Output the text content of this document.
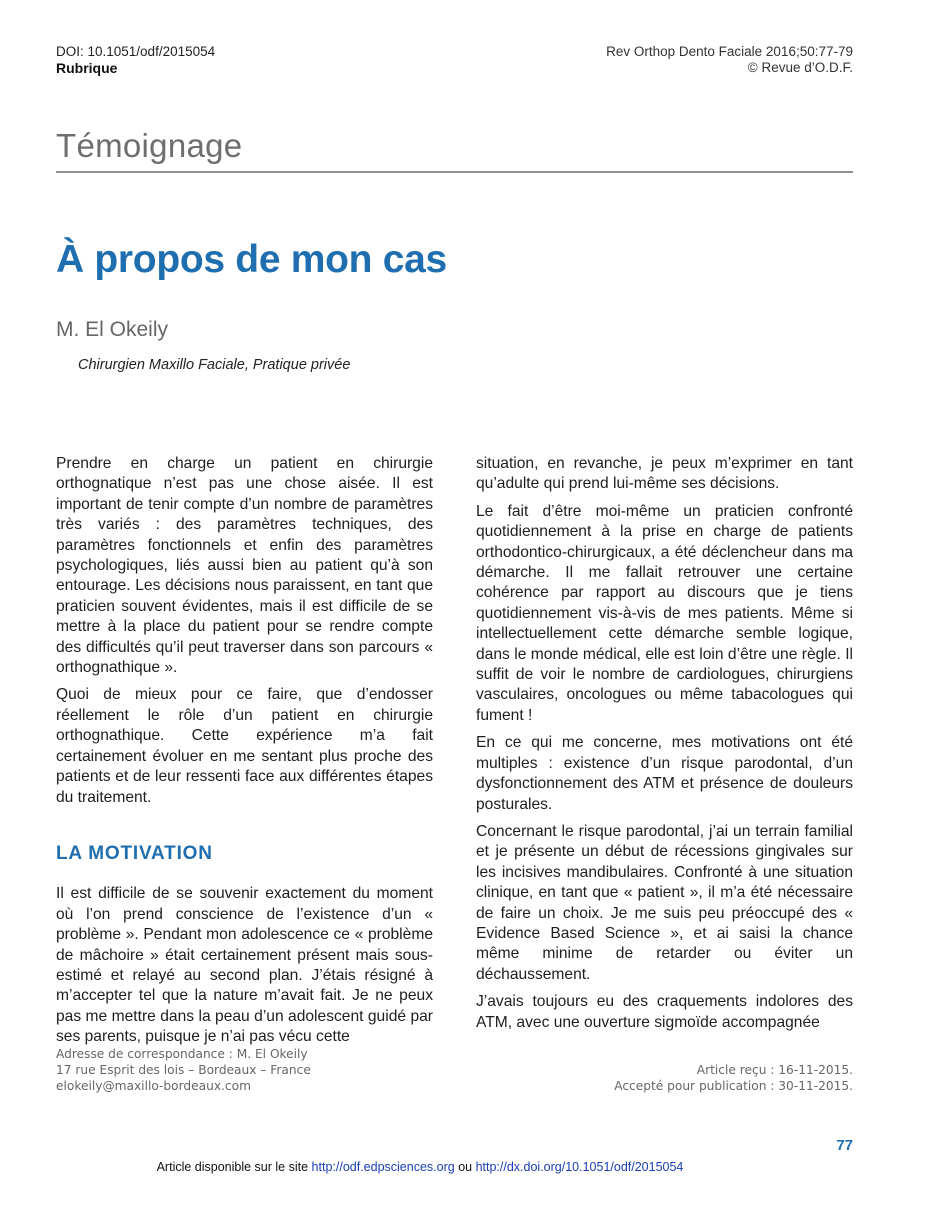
DOI: 10.1051/odf/2015054
Rubrique
Rev Orthop Dento Faciale 2016;50:77-79
© Revue d’O.D.F.
Témoignage
À propos de mon cas
M. El Okeily
Chirurgien Maxillo Faciale, Pratique privée

Prendre en charge un patient en chirurgie orthognatique n’est pas une chose aisée. Il est important de tenir compte d’un nombre de paramètres très variés : des paramètres techniques, des paramètres fonctionnels et enfin des paramètres psychologiques, liés aussi bien au patient qu’à son entourage. Les décisions nous paraissent, en tant que praticien souvent évidentes, mais il est difficile de se mettre à la place du patient pour se rendre compte des difficultés qu’il peut traverser dans son parcours « orthognathique ».

Quoi de mieux pour ce faire, que d’endosser réellement le rôle d’un patient en chirurgie orthognathique. Cette expérience m’a fait certainement évoluer en me sentant plus proche des patients et de leur ressenti face aux différentes étapes du traitement.

LA MOTIVATION

Il est difficile de se souvenir exactement du moment où l’on prend conscience de l’existence d’un « problème ». Pendant mon adolescence ce « problème de mâchoire » était certainement présent mais sous-estimé et relayé au second plan. J’étais résigné à m’accepter tel que la nature m’avait fait. Je ne peux pas me mettre dans la peau d’un adolescent guidé par ses parents, puisque je n’ai pas vécu cette

situation, en revanche, je peux m’exprimer en tant qu’adulte qui prend lui-même ses décisions.

Le fait d’être moi-même un praticien confronté quotidiennement à la prise en charge de patients orthodontico-chirurgicaux, a été déclencheur dans ma démarche. Il me fallait retrouver une certaine cohérence par rapport au discours que je tiens quotidiennement vis-à-vis de mes patients. Même si intellectuellement cette démarche semble logique, dans le monde médical, elle est loin d’être une règle. Il suffit de voir le nombre de cardiologues, chirurgiens vasculaires, oncologues ou même tabacologues qui fument !

En ce qui me concerne, mes motivations ont été multiples : existence d’un risque parodontal, d’un dysfonctionnement des ATM et présence de douleurs posturales.

Concernant le risque parodontal, j’ai un terrain familial et je présente un début de récessions gingivales sur les incisives mandibulaires. Confronté à une situation clinique, en tant que « patient », il m’a été nécessaire de faire un choix. Je me suis peu préoccupé des « Evidence Based Science », et ai saisi la chance même minime de retarder ou éviter un déchaussement.

J’avais toujours eu des craquements indolores des ATM, avec une ouverture sigmoïde accompagnée

Adresse de correspondance : M. El Okeily
17 rue Esprit des lois – Bordeaux – France
elokeily@maxillo-bordeaux.com
Article reçu : 16-11-2015.
Accepté pour publication : 30-11-2015.
77
Article disponible sur le site http://odf.edpsciences.org ou http://dx.doi.org/10.1051/odf/2015054
